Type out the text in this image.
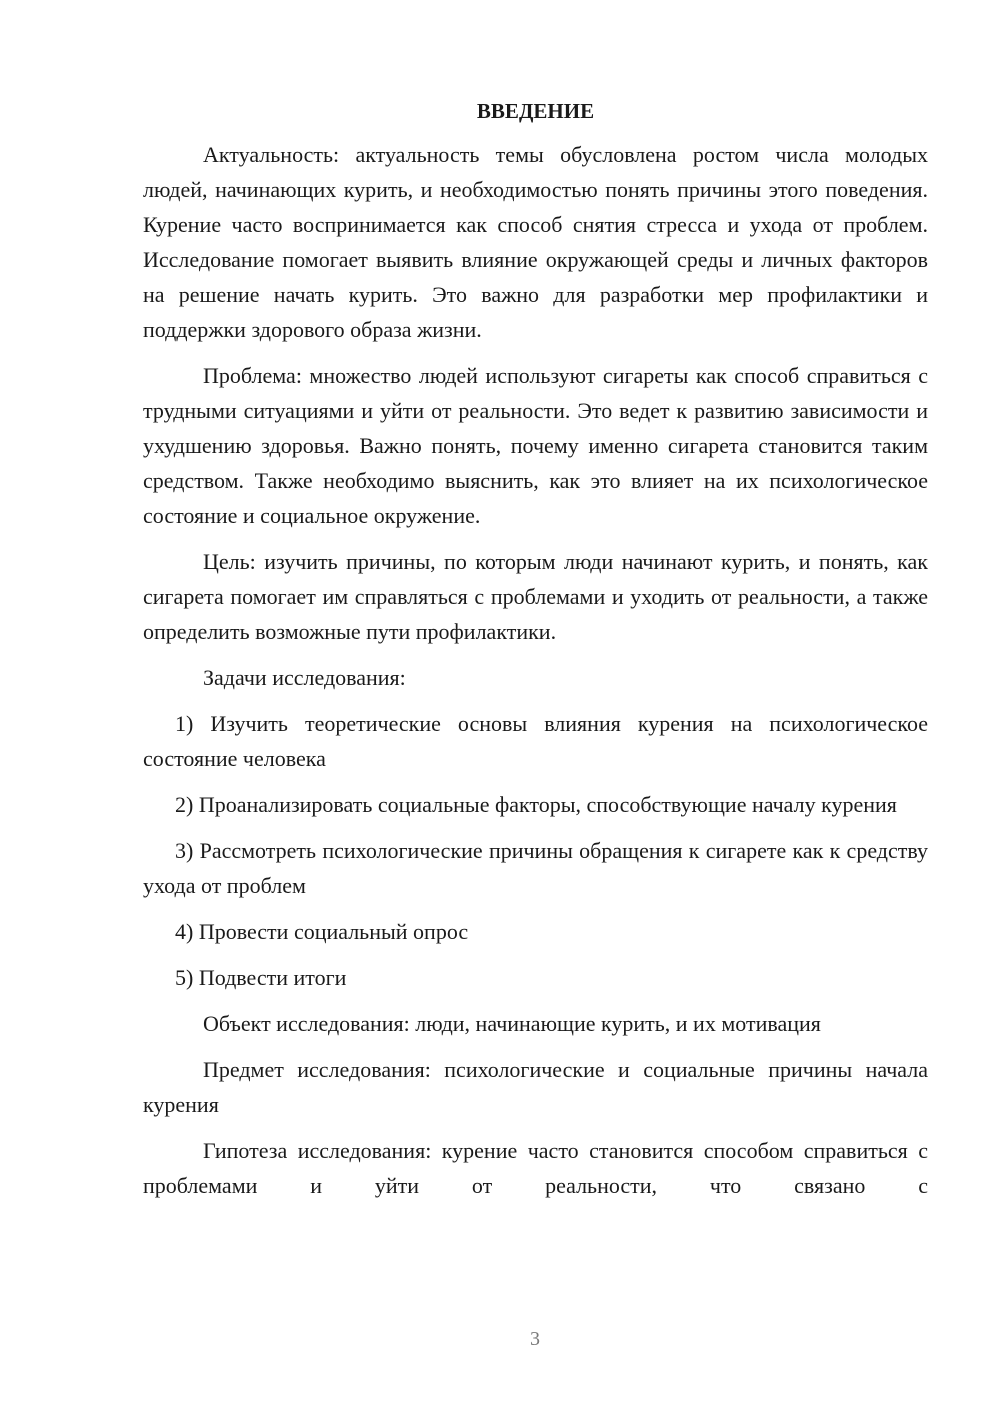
ВВЕДЕНИЕ

Актуальность: актуальность темы обусловлена ростом числа молодых людей, начинающих курить, и необходимостью понять причины этого поведения. Курение часто воспринимается как способ снятия стресса и ухода от проблем. Исследование помогает выявить влияние окружающей среды и личных факторов на решение начать курить. Это важно для разработки мер профилактики и поддержки здорового образа жизни.

Проблема: множество людей используют сигареты как способ справиться с трудными ситуациями и уйти от реальности. Это ведет к развитию зависимости и ухудшению здоровья. Важно понять, почему именно сигарета становится таким средством. Также необходимо выяснить, как это влияет на их психологическое состояние и социальное окружение.

Цель: изучить причины, по которым люди начинают курить, и понять, как сигарета помогает им справляться с проблемами и уходить от реальности, а также определить возможные пути профилактики.

Задачи исследования:

1) Изучить теоретические основы влияния курения на психологическое состояние человека

2) Проанализировать социальные факторы, способствующие началу курения

3) Рассмотреть психологические причины обращения к сигарете как к средству ухода от проблем

4) Провести социальный опрос

5) Подвести итоги

Объект исследования: люди, начинающие курить, и их мотивация

Предмет исследования: психологические и социальные причины начала курения

Гипотеза исследования: курение часто становится способом справиться с проблемами и уйти от реальности, что связано с

3
